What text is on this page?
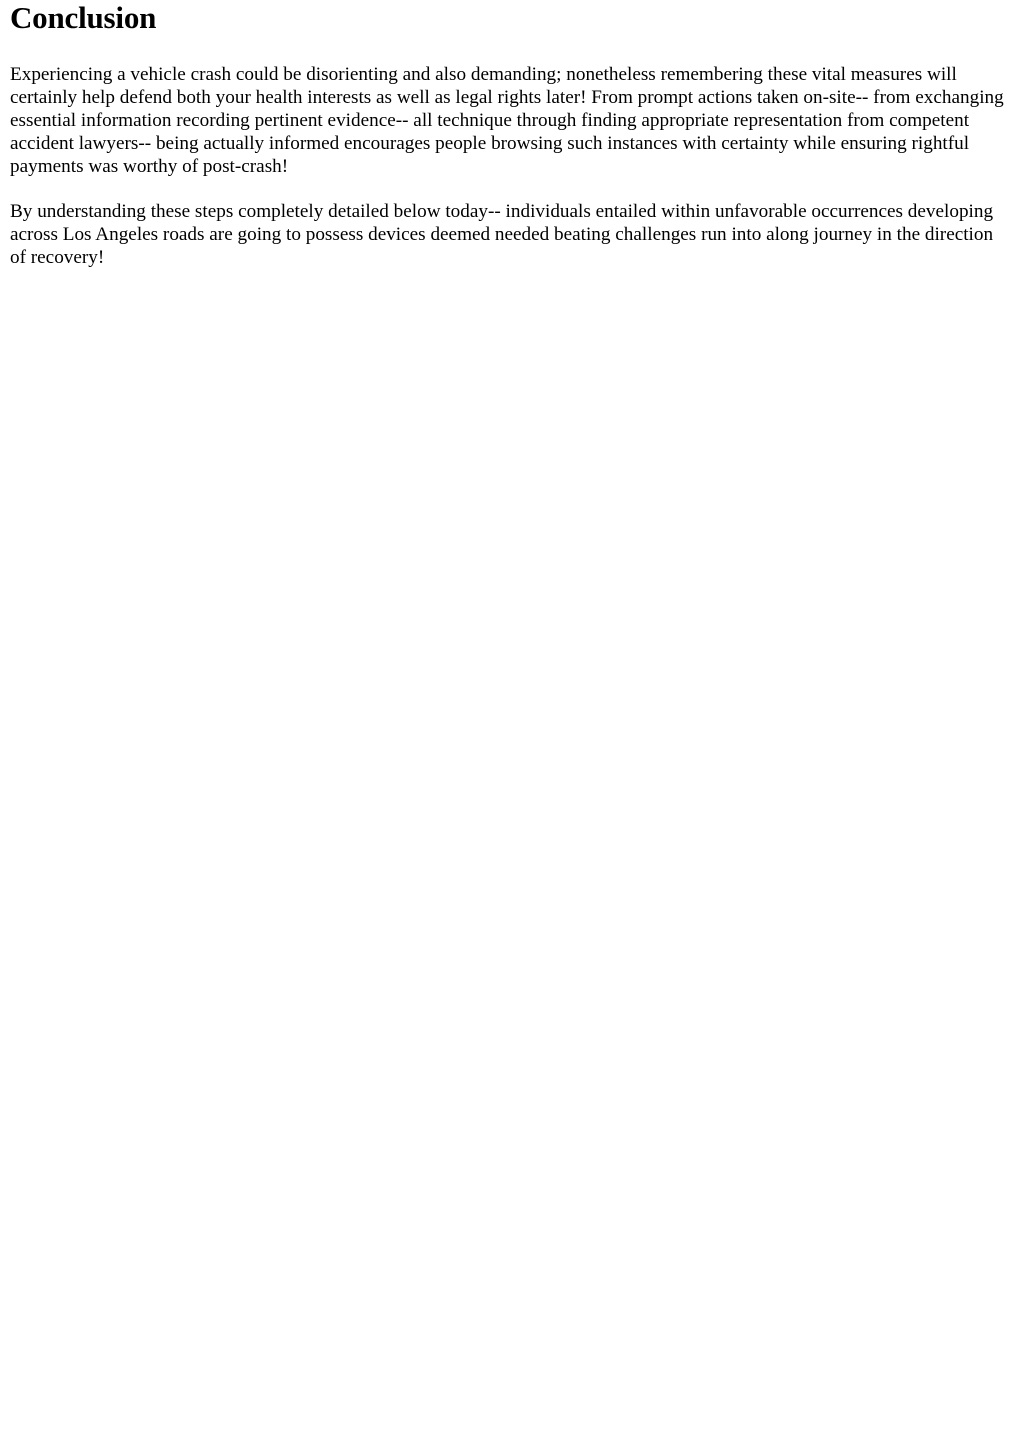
Conclusion

Experiencing a vehicle crash could be disorienting and also demanding; nonetheless remembering these vital measures will certainly help defend both your health interests as well as legal rights later! From prompt actions taken on-site-- from exchanging essential information recording pertinent evidence-- all technique through finding appropriate representation from competent accident lawyers-- being actually informed encourages people browsing such instances with certainty while ensuring rightful payments was worthy of post-crash!

By understanding these steps completely detailed below today-- individuals entailed within unfavorable occurrences developing across Los Angeles roads are going to possess devices deemed needed beating challenges run into along journey in the direction of recovery!
